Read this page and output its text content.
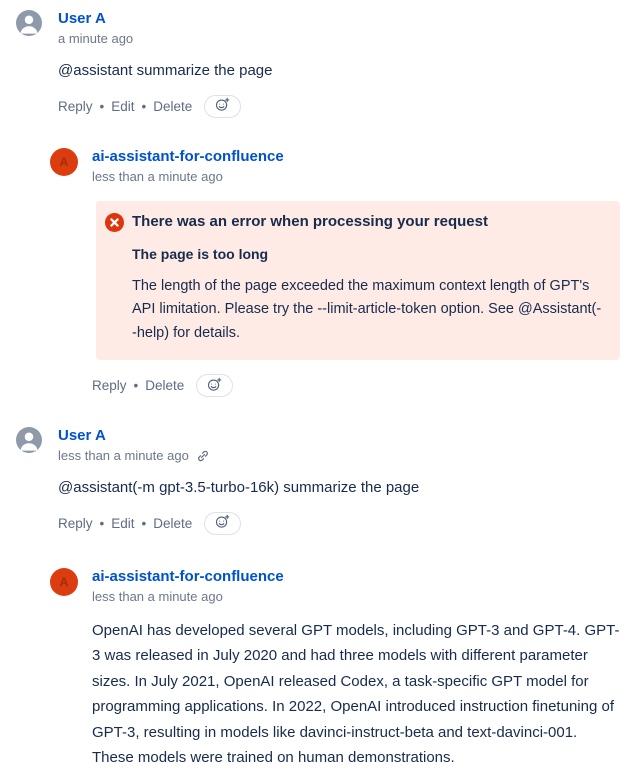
User A
a minute ago

@assistant summarize the page

Reply • Edit • Delete
A ai-assistant-for-confluence
less than a minute ago
There was an error when processing your request
The page is too long

The length of the page exceeded the maximum context length of GPT's API limitation. Please try the --limit-article-token option. See @Assistant(--help) for details.

Reply • Delete
User A
less than a minute ago

@assistant(-m gpt-3.5-turbo-16k) summarize the page

Reply • Edit • Delete
A ai-assistant-for-confluence
less than a minute ago

OpenAI has developed several GPT models, including GPT-3 and GPT-4. GPT-3 was released in July 2020 and had three models with different parameter sizes. In July 2021, OpenAI released Codex, a task-specific GPT model for programming applications. In 2022, OpenAI introduced instruction finetuning of GPT-3, resulting in models like davinci-instruct-beta and text-davinci-001. These models were trained on human demonstrations.
